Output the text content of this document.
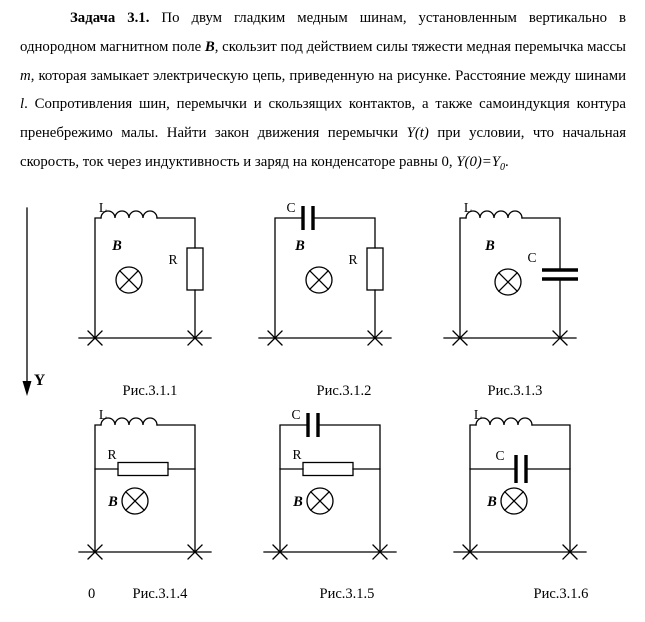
Задача 3.1. По двум гладким медным шинам, установленным вертикально в однородном магнитном поле B, скользит под действием силы тяжести медная перемычка массы m, которая замыкает электрическую цепь, приведенную на рисунке. Расстояние между шинами l. Сопротивления шин, перемычки и скользящих контактов, а также самоиндукция контура пренебрежимо малы. Найти закон движения перемычки Y(t) при условии, что начальная скорость, ток через индуктивность и заряд на конденсаторе равны 0, $Y(0)=Y_0$.

Y
0
L
B
R
Рис.3.1.1
C
B
R
Рис.3.1.2
L
B
C
Рис.3.1.3
L
R
B
Рис.3.1.4
C
R
B
Рис.3.1.5
L
C
B
Рис.3.1.6
